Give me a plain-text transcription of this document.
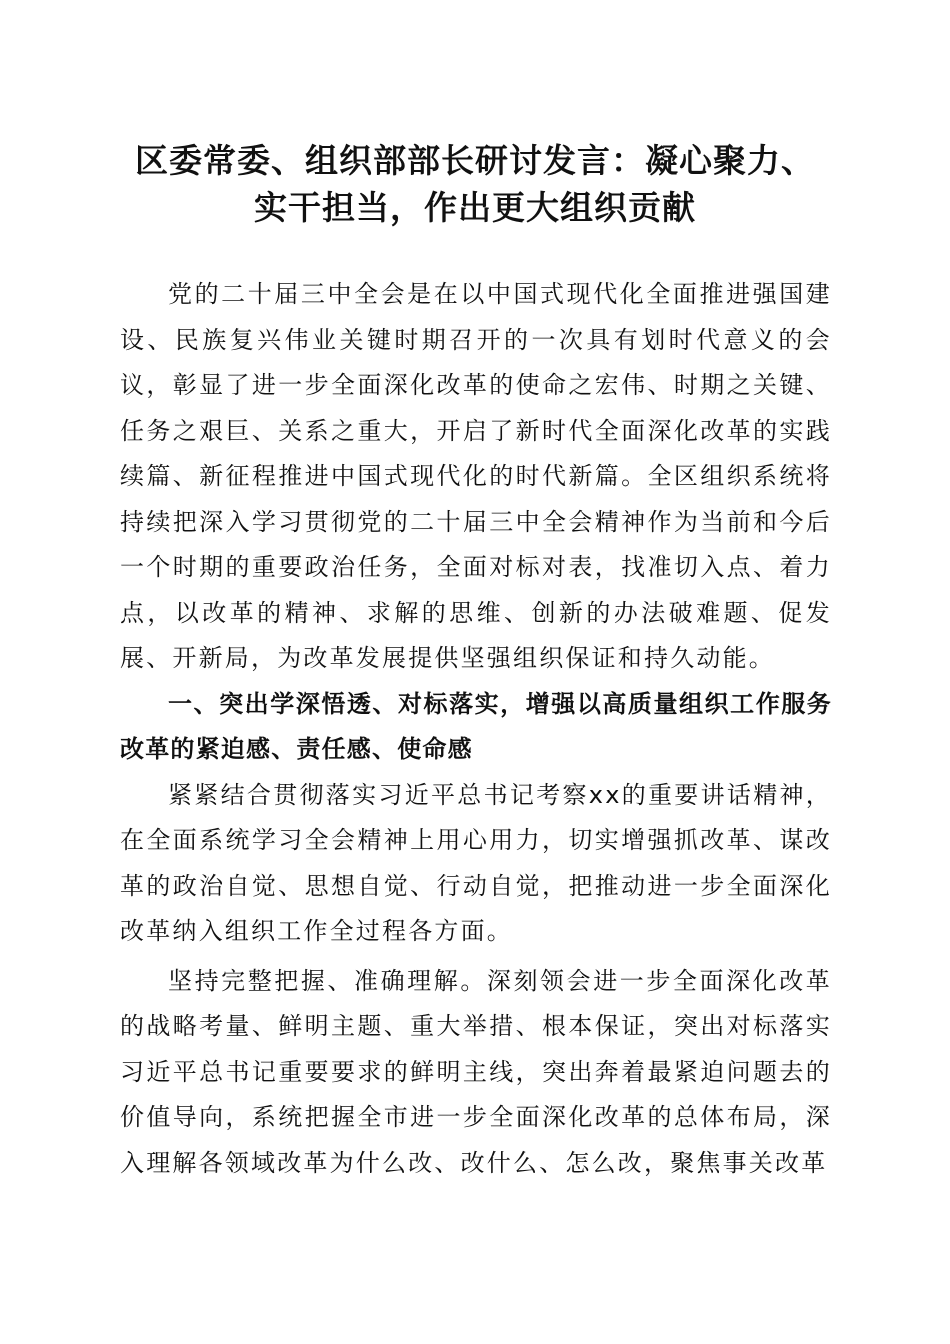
区委常委、组织部部长研讨发言：凝心聚力、
实干担当，作出更大组织贡献

党的二十届三中全会是在以中国式现代化全面推进强国建设、民族复兴伟业关键时期召开的一次具有划时代意义的会议，彰显了进一步全面深化改革的使命之宏伟、时期之关键、任务之艰巨、关系之重大，开启了新时代全面深化改革的实践续篇、新征程推进中国式现代化的时代新篇。全区组织系统将持续把深入学习贯彻党的二十届三中全会精神作为当前和今后一个时期的重要政治任务，全面对标对表，找准切入点、着力点，以改革的精神、求解的思维、创新的办法破难题、促发展、开新局，为改革发展提供坚强组织保证和持久动能。

一、突出学深悟透、对标落实，增强以高质量组织工作服务改革的紧迫感、责任感、使命感

紧紧结合贯彻落实习近平总书记考察xx的重要讲话精神，在全面系统学习全会精神上用心用力，切实增强抓改革、谋改革的政治自觉、思想自觉、行动自觉，把推动进一步全面深化改革纳入组织工作全过程各方面。

坚持完整把握、准确理解。深刻领会进一步全面深化改革的战略考量、鲜明主题、重大举措、根本保证，突出对标落实习近平总书记重要要求的鲜明主线，突出奔着最紧迫问题去的价值导向，系统把握全市进一步全面深化改革的总体布局，深入理解各领域改革为什么改、改什么、怎么改，聚焦事关改革
